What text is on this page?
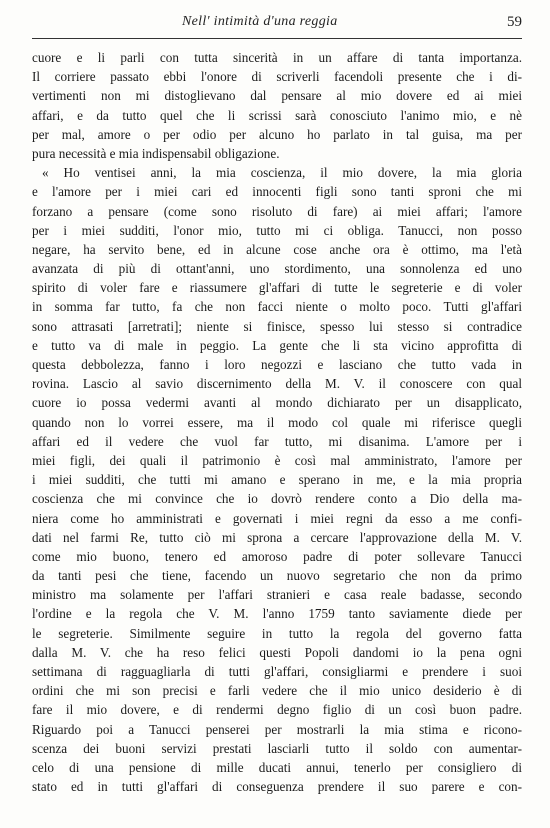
Nell' intimità d'una reggia	59
cuore e li parli con tutta sincerità in un affare di tanta importanza.
Il corriere passato ebbi l'onore di scriverli facendoli presente che i di-
vertimenti non mi distoglievano dal pensare al mio dovere ed ai miei
affari, e da tutto quel che li scrissi sarà conosciuto l'animo mio, e nè
per mal, amore o per odio per alcuno ho parlato in tal guisa, ma per
pura necessità e mia indispensabil obligazione.
« Ho ventisei anni, la mia coscienza, il mio dovere, la mia gloria
e l'amore per i miei cari ed innocenti figli sono tanti sproni che mi
forzano a pensare (come sono risoluto di fare) ai miei affari; l'amore
per i miei sudditi, l'onor mio, tutto mi ci obliga. Tanucci, non posso
negare, ha servito bene, ed in alcune cose anche ora è ottimo, ma l'età
avanzata di più di ottant'anni, uno stordimento, una sonnolenza ed uno
spirito di voler fare e riassumere gl'affari di tutte le segreterie e di voler
in somma far tutto, fa che non facci niente o molto poco. Tutti gl'affari
sono attrasati [arretrati]; niente si finisce, spesso lui stesso si contradice
e tutto va di male in peggio. La gente che li sta vicino approfitta di
questa debbolezza, fanno i loro negozzi e lasciano che tutto vada in
rovina. Lascio al savio discernimento della M. V. il conoscere con qual
cuore io possa vedermi avanti al mondo dichiarato per un disapplicato,
quando non lo vorrei essere, ma il modo col quale mi riferisce quegli
affari ed il vedere che vuol far tutto, mi disanima. L'amore per i
miei figli, dei quali il patrimonio è così mal amministrato, l'amore per
i miei sudditi, che tutti mi amano e sperano in me, e la mia propria
coscienza che mi convince che io dovrò rendere conto a Dio della ma-
niera come ho amministrati e governati i miei regni da esso a me confi-
dati nel farmi Re, tutto ciò mi sprona a cercare l'approvazione della M. V.
come mio buono, tenero ed amoroso padre di poter sollevare Tanucci
da tanti pesi che tiene, facendo un nuovo segretario che non da primo
ministro ma solamente per l'affari stranieri e casa reale badasse, secondo
l'ordine e la regola che V. M. l'anno 1759 tanto saviamente diede per
le segreterie. Similmente seguire in tutto la regola del governo fatta
dalla M. V. che ha reso felici questi Popoli dandomi io la pena ogni
settimana di ragguagliarla di tutti gl'affari, consigliarmi e prendere i suoi
ordini che mi son precisi e farli vedere che il mio unico desiderio è di
fare il mio dovere, e di rendermi degno figlio di un così buon padre.
Riguardo poi a Tanucci penserei per mostrarli la mia stima e ricono-
scenza dei buoni servizi prestati lasciarli tutto il soldo con aumentar-
celo di una pensione di mille ducati annui, tenerlo per consigliero di
stato ed in tutti gl'affari di conseguenza prendere il suo parere e con-
